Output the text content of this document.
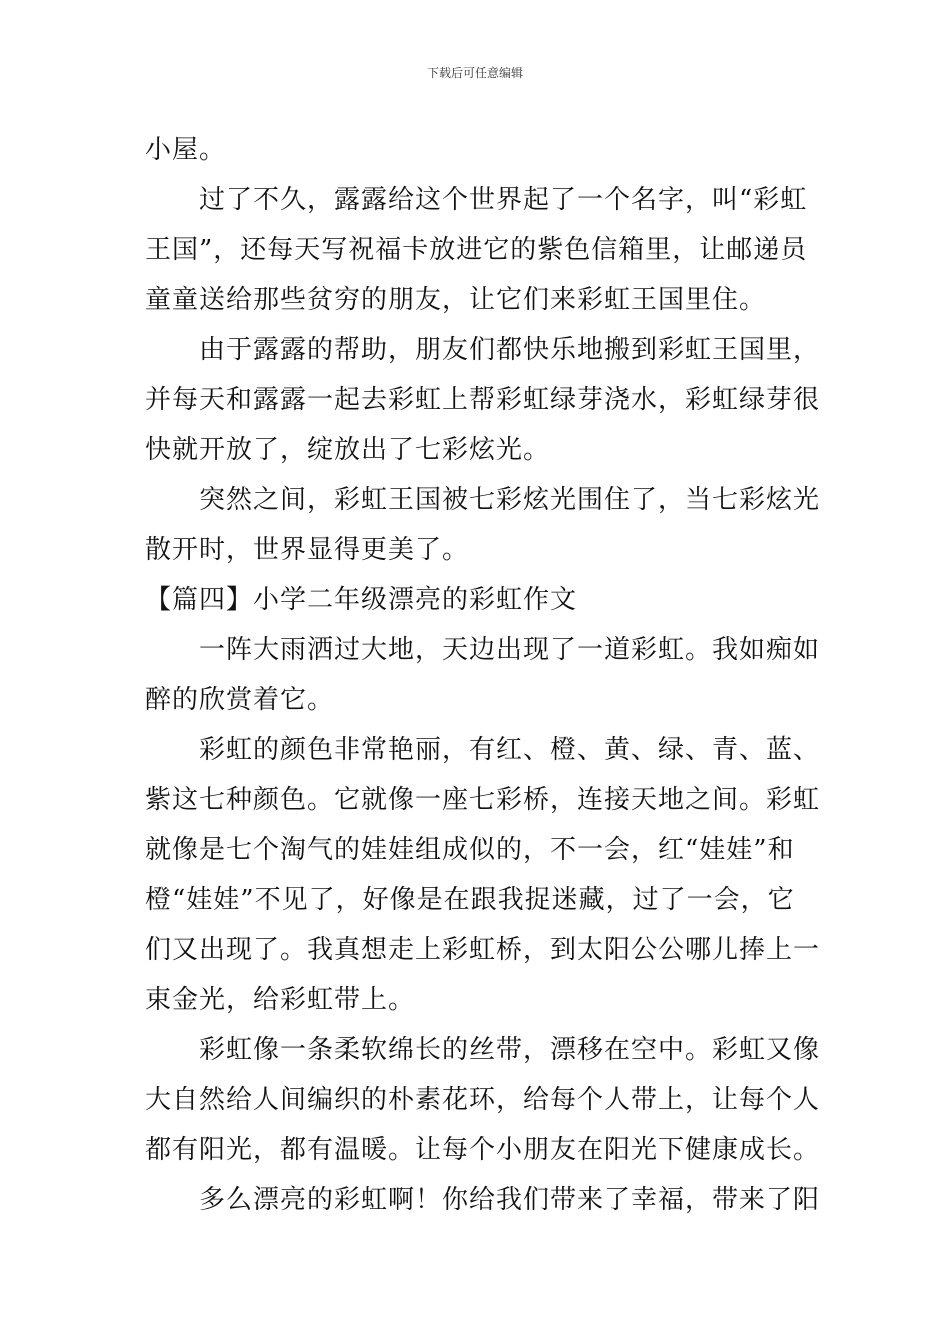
下载后可任意编辑
小屋。
　　过了不久，露露给这个世界起了一个名字，叫“彩虹
王国”，还每天写祝福卡放进它的紫色信箱里，让邮递员
童童送给那些贫穷的朋友，让它们来彩虹王国里住。
　　由于露露的帮助，朋友们都快乐地搬到彩虹王国里，
并每天和露露一起去彩虹上帮彩虹绿芽浇水，彩虹绿芽很
快就开放了，绽放出了七彩炫光。
　　突然之间，彩虹王国被七彩炫光围住了，当七彩炫光
散开时，世界显得更美了。
【篇四】小学二年级漂亮的彩虹作文
　　一阵大雨洒过大地，天边出现了一道彩虹。我如痴如
醉的欣赏着它。
　　彩虹的颜色非常艳丽，有红、橙、黄、绿、青、蓝、
紫这七种颜色。它就像一座七彩桥，连接天地之间。彩虹
就像是七个淘气的娃娃组成似的，不一会，红“娃娃”和
橙“娃娃”不见了，好像是在跟我捉迷藏，过了一会，它
们又出现了。我真想走上彩虹桥，到太阳公公哪儿捧上一
束金光，给彩虹带上。
　　彩虹像一条柔软绵长的丝带，漂移在空中。彩虹又像
大自然给人间编织的朴素花环，给每个人带上，让每个人
都有阳光，都有温暖。让每个小朋友在阳光下健康成长。
　　多么漂亮的彩虹啊！你给我们带来了幸福，带来了阳
